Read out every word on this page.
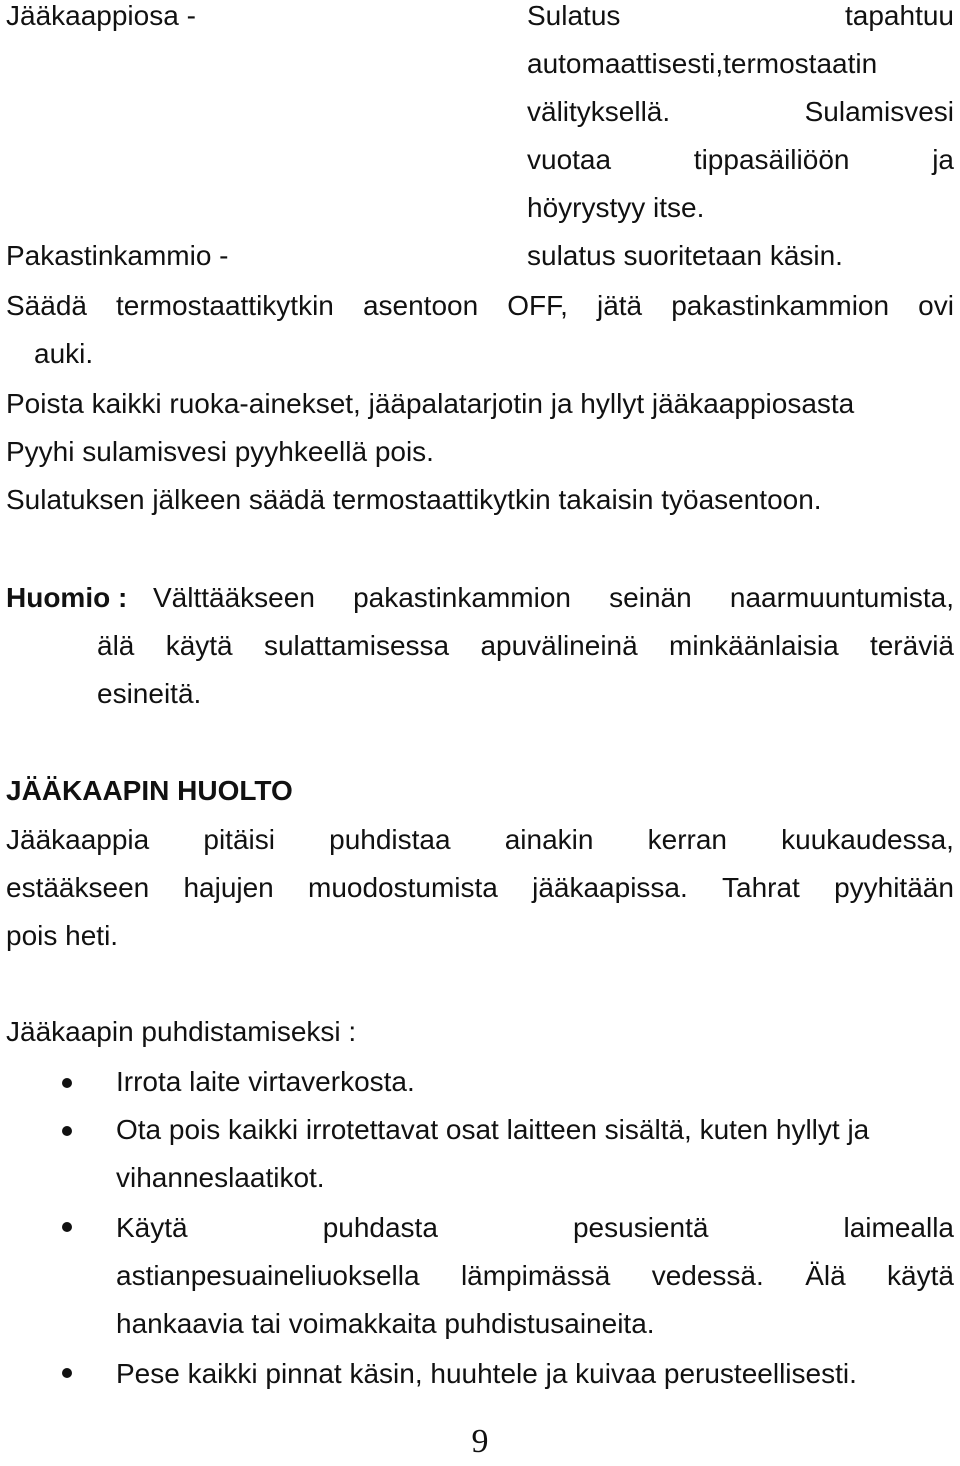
Jääkaappiosa -	Sulatus	tapahtuu
automaattisesti,termostaatin
välityksellä.	Sulamisvesi
vuotaa	tippasäiliöön	ja
höyrystyy itse.
Pakastinkammio -	sulatus suoritetaan käsin.
Säädä termostaattikytkin asentoon OFF, jätä pakastinkammion ovi
auki.
Poista kaikki ruoka-ainekset, jääpalatarjotin ja hyllyt jääkaappiosasta
Pyyhi sulamisvesi pyyhkeellä pois.
Sulatuksen jälkeen säädä termostaattikytkin takaisin työasentoon.
Huomio : Välttääkseen pakastinkammion seinän naarmuuntumista,
älä käytä sulattamisessa apuvälineinä minkäänlaisia teräviä
esineitä.
JÄÄKAAPIN HUOLTO
Jääkaappia pitäisi puhdistaa ainakin kerran kuukaudessa,
estääkseen hajujen muodostumista jääkaapissa. Tahrat pyyhitään
pois heti.
Jääkaapin puhdistamiseksi :
Irrota laite virtaverkosta.
Ota pois kaikki irrotettavat osat laitteen sisältä, kuten hyllyt ja
vihanneslaatikot.
Käytä	puhdasta	pesusientä	laimealla
astianpesuaineliuoksella lämpimässä vedessä. Älä käytä
hankaavia tai voimakkaita puhdistusaineita.
Pese kaikki pinnat käsin, huuhtele ja kuivaa perusteellisesti.
9
